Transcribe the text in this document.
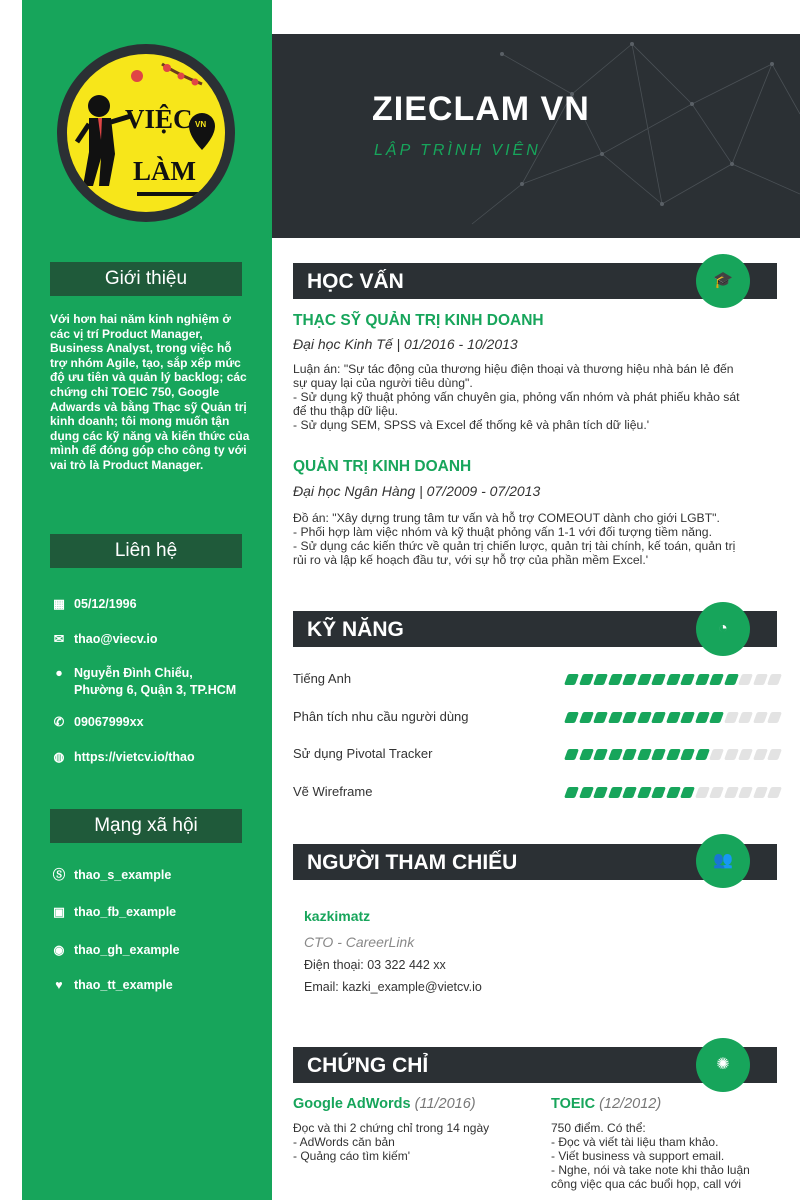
VIỆC
LÀM
VN
Giới thiệu
Với hơn hai năm kinh nghiệm ở các vị trí Product Manager, Business Analyst, trong việc hỗ trợ nhóm Agile, tạo, sắp xếp mức độ ưu tiên và quản lý backlog; các chứng chỉ TOEIC 750, Google Adwards và bằng Thạc sỹ Quản trị kinh doanh; tôi mong muốn tận dụng các kỹ năng và kiến thức của mình để đóng góp cho công ty với vai trò là Product Manager.
Liên hệ
▦ 05/12/1996
✉ thao@viecv.io
● Nguyễn Đình Chiểu,
Phường 6, Quận 3, TP.HCM
✆ 09067999xx
◍ https://vietcv.io/thao
Mạng xã hội
Ⓢ thao_s_example
▣ thao_fb_example
◉ thao_gh_example
♥ thao_tt_example
ZIECLAM VN
LẬP TRÌNH VIÊN
HỌC VẤN	🎓
THẠC SỸ QUẢN TRỊ KINH DOANH
Đại học Kinh Tế | 01/2016 - 10/2013
Luận án: "Sự tác động của thương hiệu điện thoại và thương hiệu nhà bán lẻ đến
sự quay lại của người tiêu dùng".
- Sử dụng kỹ thuật phỏng vấn chuyên gia, phỏng vấn nhóm và phát phiếu khảo sát
để thu thập dữ liệu.
- Sử dụng SEM, SPSS và Excel để thống kê và phân tích dữ liệu.'
QUẢN TRỊ KINH DOANH
Đại học Ngân Hàng | 07/2009 - 07/2013
Đồ án: "Xây dựng trung tâm tư vấn và hỗ trợ COMEOUT dành cho giới LGBT".
- Phối hợp làm việc nhóm và kỹ thuật phỏng vấn 1-1 với đối tượng tiềm năng.
- Sử dụng các kiến thức về quản trị chiến lược, quản trị tài chính, kế toán, quản trị
rủi ro và lập kế hoạch đầu tư, với sự hỗ trợ của phần mềm Excel.'
KỸ NĂNG	◔
Tiếng Anh
Phân tích nhu cầu người dùng
Sử dụng Pivotal Tracker
Vẽ Wireframe
NGƯỜI THAM CHIẾU	👥
kazkimatz
CTO - CareerLink
Điện thoại: 03 322 442 xx
Email: kazki_example@vietcv.io
CHỨNG CHỈ	✺
Google AdWords (11/2016)
Đọc và thi 2 chứng chỉ trong 14 ngày
- AdWords căn bản
- Quảng cáo tìm kiếm'
TOEIC (12/2012)
750 điểm. Có thể:
- Đọc và viết tài liệu tham khảo.
- Viết business và support email.
- Nghe, nói và take note khi thảo luận
công việc qua các buổi họp, call với
